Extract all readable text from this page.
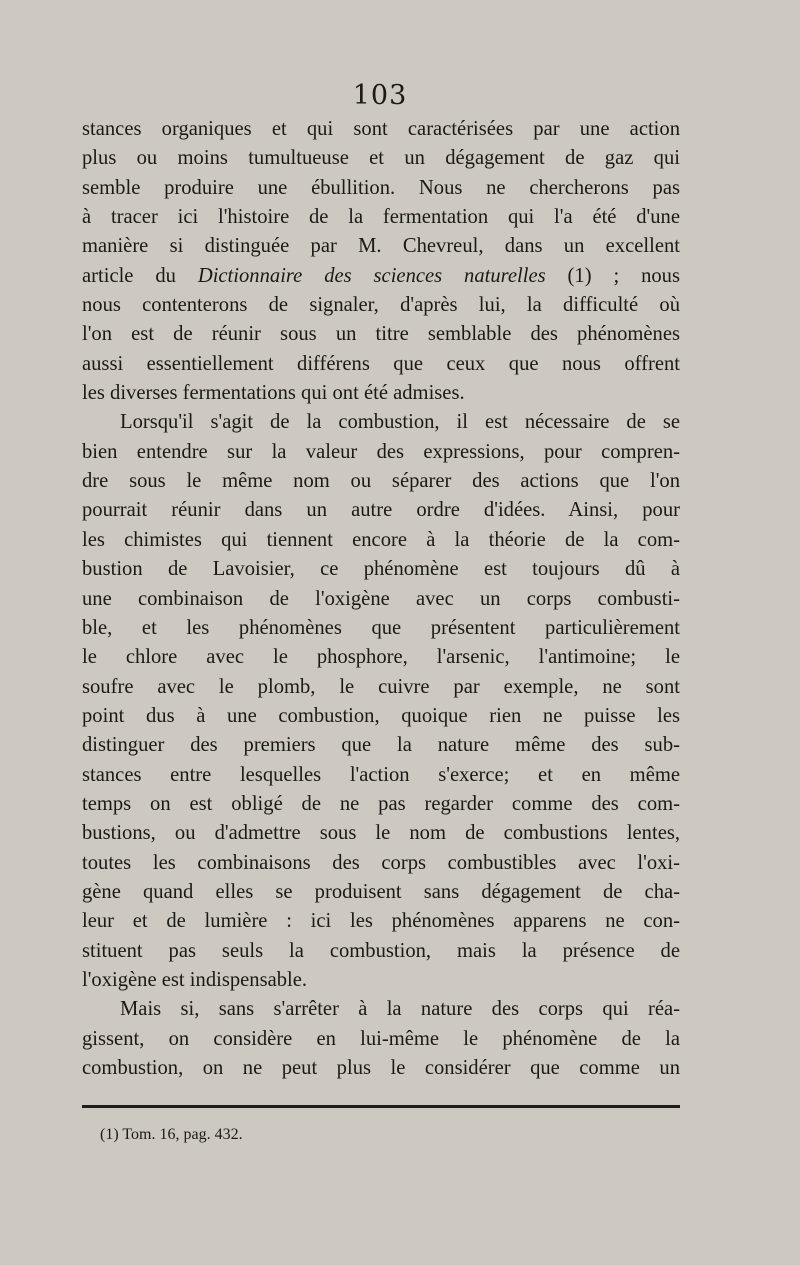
103
stances organiques et qui sont caractérisées par une action
plus ou moins tumultueuse et un dégagement de gaz qui
semble produire une ébullition. Nous ne chercherons pas
à tracer ici l'histoire de la fermentation qui l'a été d'une
manière si distinguée par M. Chevreul, dans un excellent
article du Dictionnaire des sciences naturelles (1) ; nous
nous contenterons de signaler, d'après lui, la difficulté où
l'on est de réunir sous un titre semblable des phénomènes
aussi essentiellement différens que ceux que nous offrent
les diverses fermentations qui ont été admises.
Lorsqu'il s'agit de la combustion, il est nécessaire de se
bien entendre sur la valeur des expressions, pour compren-
dre sous le même nom ou séparer des actions que l'on
pourrait réunir dans un autre ordre d'idées. Ainsi, pour
les chimistes qui tiennent encore à la théorie de la com-
bustion de Lavoisier, ce phénomène est toujours dû à
une combinaison de l'oxigène avec un corps combusti-
ble, et les phénomènes que présentent particulièrement
le chlore avec le phosphore, l'arsenic, l'antimoine; le
soufre avec le plomb, le cuivre par exemple, ne sont
point dus à une combustion, quoique rien ne puisse les
distinguer des premiers que la nature même des sub-
stances entre lesquelles l'action s'exerce; et en même
temps on est obligé de ne pas regarder comme des com-
bustions, ou d'admettre sous le nom de combustions lentes,
toutes les combinaisons des corps combustibles avec l'oxi-
gène quand elles se produisent sans dégagement de cha-
leur et de lumière : ici les phénomènes apparens ne con-
stituent pas seuls la combustion, mais la présence de
l'oxigène est indispensable.
Mais si, sans s'arrêter à la nature des corps qui réa-
gissent, on considère en lui-même le phénomène de la
combustion, on ne peut plus le considérer que comme un
(1) Tom. 16, pag. 432.
